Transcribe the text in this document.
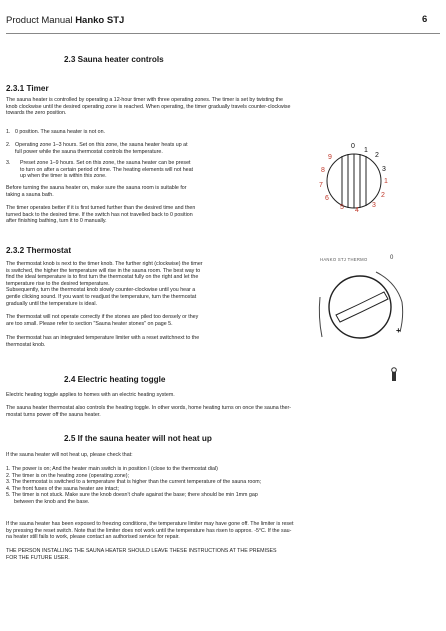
Product Manual Hanko STJ	6
2.3 Sauna heater controls
2.3.1 Timer
The sauna heater is controlled by operating a 12-hour timer with three operating zones. The timer is set by twisting the
knob clockwise until the desired operating zone is reached. When operating, the timer gradually travels counter-clockwise
towards the zero position.
1. 0 position. The sauna heater is not on.
2. Operating zone 1–3 hours. Set on this zone, the sauna heater heats up at
full power while the sauna thermostat controls the temperature.
3. Preset zone 1–9 hours. Set on this zone, the sauna heater can be preset
to turn on after a certain period of time. The heating elements will not heat
up when the timer is within this zone.
Before turning the sauna heater on, make sure the sauna room is suitable for
taking a sauna bath.
The timer operates better if it is first turned further than the desired time and then
turned back to the desired time. If the switch has not travelled back to 0 position
after finishing bathing, turn it to 0 manually.
0
1
2
3
1
2
3
4
5
6
7
8
9
2.3.2 Thermostat
The thermostat knob is next to the timer knob. The further right (clockwise) the timer
is switched, the higher the temperature will rise in the sauna room. The best way to
find the ideal temperature is to first turn the thermostat fully on the right and let the
temperature rise to the desired temperature.
Subsequently, turn the thermostat knob slowly counter-clockwise until you hear a
gentle clicking sound. If you want to readjust the temperature, turn the thermostat
gradually until the temperature is ideal.
The thermostat will not operate correctly if the stones are piled too densely or they
are too small. Please refer to section "Sauna heater stones" on page 5.
The thermostat has an integrated temperature limiter with a reset switchnext to the
thermostat knob.
HANKO STJ THERMO	0
+
2.4 Electric heating toggle
Electric heating toggle applies to homes with an electric heating system.
The sauna heater thermostat also controls the heating toggle. In other words, home heating turns on once the sauna ther-
mostat turns power off the sauna heater.
2.5 If the sauna heater will not heat up
If the sauna heater will not heat up, please check that:
1. The power is on; And the heater main switch is in position I (close to the thermostat dial)
2. The timer is on the heating zone (operating zone);
3. The thermostat is switched to a temperature that is higher than the current temperature of the sauna room;
4. The front fuses of the sauna heater are intact;
5. The timer is not stuck. Make sure the knob doesn't chafe against the base; there should be min 1mm gap
between the knob and the base.
If the sauna heater has been exposed to freezing conditions, the temperature limiter may have gone off. The limiter is reset
by pressing the reset switch. Note that the limiter does not work until the temperature has risen to approx. -5°C. If the sau-
na heater still fails to work, please contact an authorised service for repair.
THE PERSON INSTALLING THE SAUNA HEATER SHOULD LEAVE THESE INSTRUCTIONS AT THE PREMISES
FOR THE FUTURE USER.
